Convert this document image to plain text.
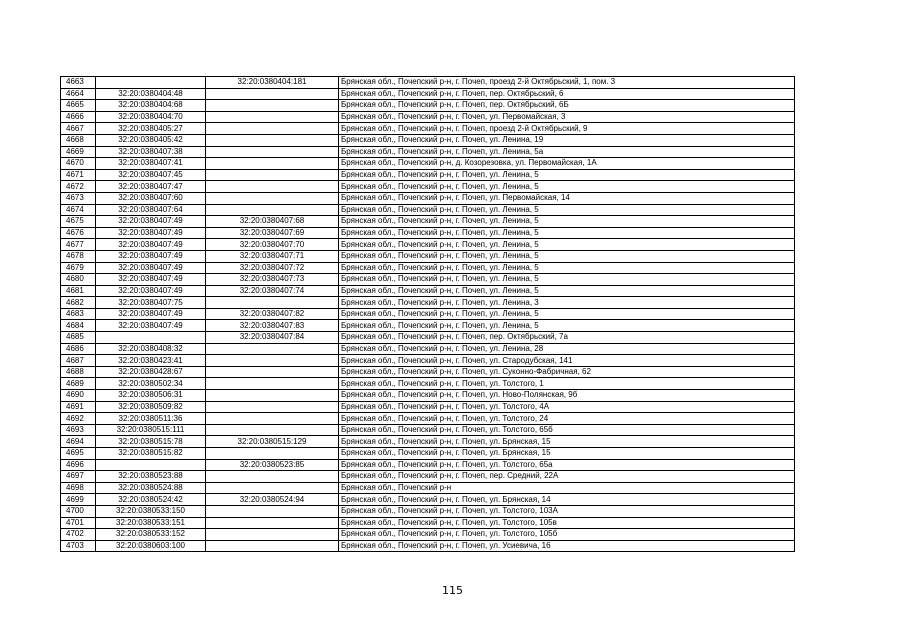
4663		32:20:0380404:181	Брянская обл., Почепский р-н, г. Почеп, проезд 2-й Октябрьский, 1, пом. 3
4664	32:20:0380404:48		Брянская обл., Почепский р-н, г. Почеп, пер. Октябрьский, 6
4665	32:20:0380404:68		Брянская обл., Почепский р-н, г. Почеп, пер. Октябрьский, 6Б
4666	32:20:0380404:70		Брянская обл., Почепский р-н, г. Почеп, ул. Первомайская, 3
4667	32:20:0380405:27		Брянская обл., Почепский р-н, г. Почеп, проезд 2-й Октябрьский, 9
4668	32:20:0380405:42		Брянская обл., Почепский р-н, г. Почеп, ул. Ленина, 19
4669	32:20:0380407:38		Брянская обл., Почепский р-н, г. Почеп, ул. Ленина, 5а
4670	32:20:0380407:41		Брянская обл., Почепский р-н, д. Козорезовка, ул. Первомайская, 1А
4671	32:20:0380407:45		Брянская обл., Почепский р-н, г. Почеп, ул. Ленина, 5
4672	32:20:0380407:47		Брянская обл., Почепский р-н, г. Почеп, ул. Ленина, 5
4673	32:20:0380407:60		Брянская обл., Почепский р-н, г. Почеп, ул. Первомайская, 14
4674	32:20:0380407:64		Брянская обл., Почепский р-н, г. Почеп, ул. Ленина, 5
4675	32:20:0380407:49	32:20:0380407:68	Брянская обл., Почепский р-н, г. Почеп, ул. Ленина, 5
4676	32:20:0380407:49	32:20:0380407:69	Брянская обл., Почепский р-н, г. Почеп, ул. Ленина, 5
4677	32:20:0380407:49	32:20:0380407:70	Брянская обл., Почепский р-н, г. Почеп, ул. Ленина, 5
4678	32:20:0380407:49	32:20:0380407:71	Брянская обл., Почепский р-н, г. Почеп, ул. Ленина, 5
4679	32:20:0380407:49	32:20:0380407:72	Брянская обл., Почепский р-н, г. Почеп, ул. Ленина, 5
4680	32:20:0380407:49	32:20:0380407:73	Брянская обл., Почепский р-н, г. Почеп, ул. Ленина, 5
4681	32:20:0380407:49	32:20:0380407:74	Брянская обл., Почепский р-н, г. Почеп, ул. Ленина, 5
4682	32:20:0380407:75		Брянская обл., Почепский р-н, г. Почеп, ул. Ленина, 3
4683	32:20:0380407:49	32:20:0380407:82	Брянская обл., Почепский р-н, г. Почеп, ул. Ленина, 5
4684	32:20:0380407:49	32:20:0380407:83	Брянская обл., Почепский р-н, г. Почеп, ул. Ленина, 5
4685		32:20:0380407:84	Брянская обл., Почепский р-н, г. Почеп, пер. Октябрьский, 7а
4686	32:20:0380408:32		Брянская обл., Почепский р-н, г. Почеп, ул. Ленина, 28
4687	32:20:0380423:41		Брянская обл., Почепский р-н, г. Почеп, ул. Стародубская, 141
4688	32:20:0380428:67		Брянская обл., Почепский р-н, г. Почеп, ул. Суконно-Фабричная, 62
4689	32:20:0380502:34		Брянская обл., Почепский р-н, г. Почеп, ул. Толстого, 1
4690	32:20:0380506:31		Брянская обл., Почепский р-н, г. Почеп, ул. Ново-Полянская, 9б
4691	32:20:0380509:82		Брянская обл., Почепский р-н, г. Почеп, ул. Толстого, 4А
4692	32:20:0380511:36		Брянская обл., Почепский р-н, г. Почеп, ул. Толстого, 24
4693	32:20:0380515:111		Брянская обл., Почепский р-н, г. Почеп, ул. Толстого, 65б
4694	32:20:0380515:78	32:20:0380515:129	Брянская обл., Почепский р-н, г. Почеп, ул. Брянская, 15
4695	32:20:0380515:82		Брянская обл., Почепский р-н, г. Почеп, ул. Брянская, 15
4696		32:20:0380523:85	Брянская обл., Почепский р-н, г. Почеп, ул. Толстого, 65а
4697	32:20:0380523:88		Брянская обл., Почепский р-н, г. Почеп, пер. Средний, 22А
4698	32:20:0380524:88		Брянская обл., Почепский р-н
4699	32:20:0380524:42	32:20:0380524:94	Брянская обл., Почепский р-н, г. Почеп, ул. Брянская, 14
4700	32:20:0380533:150		Брянская обл., Почепский р-н, г. Почеп, ул. Толстого, 103А
4701	32:20:0380533:151		Брянская обл., Почепский р-н, г. Почеп, ул. Толстого, 105в
4702	32:20:0380533:152		Брянская обл., Почепский р-н, г. Почеп, ул. Толстого, 105б
4703	32:20:0380603:100		Брянская обл., Почепский р-н, г. Почеп, ул. Усиевича, 16
115
